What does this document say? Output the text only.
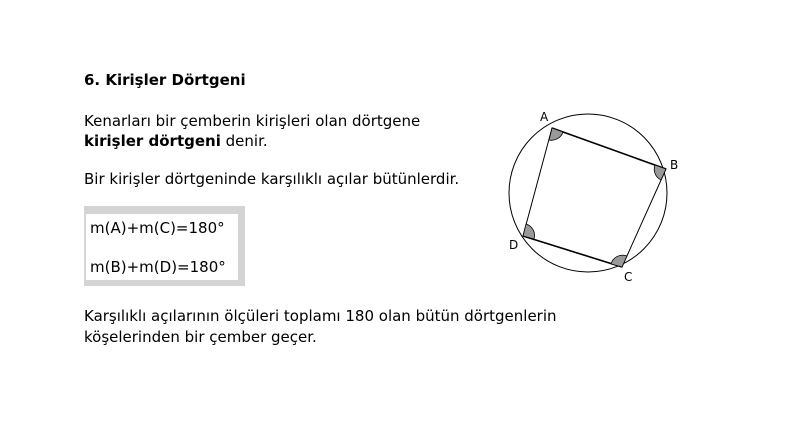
6. Kirişler Dörtgeni
Kenarları bir çemberin kirişleri olan dörtgene
kirişler dörtgeni denir.
Bir kirişler dörtgeninde karşılıklı açılar bütünlerdir.
m(A)+m(C)=180°
m(B)+m(D)=180°
A
B
C
D
Karşılıklı açılarının ölçüleri toplamı 180 olan bütün dörtgenlerin
köşelerinden bir çember geçer.
